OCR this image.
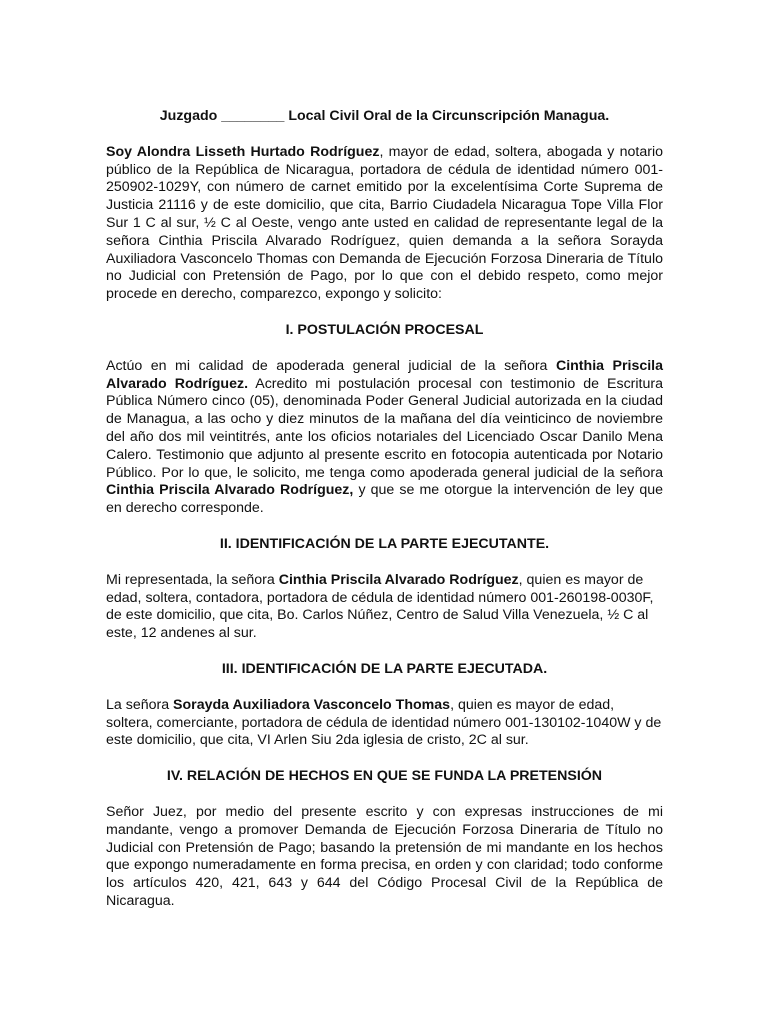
Juzgado ________ Local Civil Oral de la Circunscripción Managua.

Soy Alondra Lisseth Hurtado Rodríguez, mayor de edad, soltera, abogada y notario público de la República de Nicaragua, portadora de cédula de identidad número 001-250902-1029Y, con número de carnet emitido por la excelentísima Corte Suprema de Justicia 21116 y de este domicilio, que cita, Barrio Ciudadela Nicaragua Tope Villa Flor Sur 1 C al sur, ½ C al Oeste, vengo ante usted en calidad de representante legal de la señora Cinthia Priscila Alvarado Rodríguez, quien demanda a la señora Sorayda Auxiliadora Vasconcelo Thomas con Demanda de Ejecución Forzosa Dineraria de Título no Judicial con Pretensión de Pago, por lo que con el debido respeto, como mejor procede en derecho, comparezco, expongo y solicito:

I. POSTULACIÓN PROCESAL

Actúo en mi calidad de apoderada general judicial de la señora Cinthia Priscila Alvarado Rodríguez. Acredito mi postulación procesal con testimonio de Escritura Pública Número cinco (05), denominada Poder General Judicial autorizada en la ciudad de Managua, a las ocho y diez minutos de la mañana del día veinticinco de noviembre del año dos mil veintitrés, ante los oficios notariales del Licenciado Oscar Danilo Mena Calero. Testimonio que adjunto al presente escrito en fotocopia autenticada por Notario Público. Por lo que, le solicito, me tenga como apoderada general judicial de la señora Cinthia Priscila Alvarado Rodríguez, y que se me otorgue la intervención de ley que en derecho corresponde.

II. IDENTIFICACIÓN DE LA PARTE EJECUTANTE.

Mi representada, la señora Cinthia Priscila Alvarado Rodríguez, quien es mayor de edad, soltera, contadora, portadora de cédula de identidad número 001-260198-0030F, de este domicilio, que cita, Bo. Carlos Núñez, Centro de Salud Villa Venezuela, ½ C al este, 12 andenes al sur.

III. IDENTIFICACIÓN DE LA PARTE EJECUTADA.

La señora Sorayda Auxiliadora Vasconcelo Thomas, quien es mayor de edad, soltera, comerciante, portadora de cédula de identidad número 001-130102-1040W y de este domicilio, que cita, VI Arlen Siu 2da iglesia de cristo, 2C al sur.

IV. RELACIÓN DE HECHOS EN QUE SE FUNDA LA PRETENSIÓN

Señor Juez, por medio del presente escrito y con expresas instrucciones de mi mandante, vengo a promover Demanda de Ejecución Forzosa Dineraria de Título no Judicial con Pretensión de Pago; basando la pretensión de mi mandante en los hechos que expongo numeradamente en forma precisa, en orden y con claridad; todo conforme los artículos 420, 421, 643 y 644 del Código Procesal Civil de la República de Nicaragua.
